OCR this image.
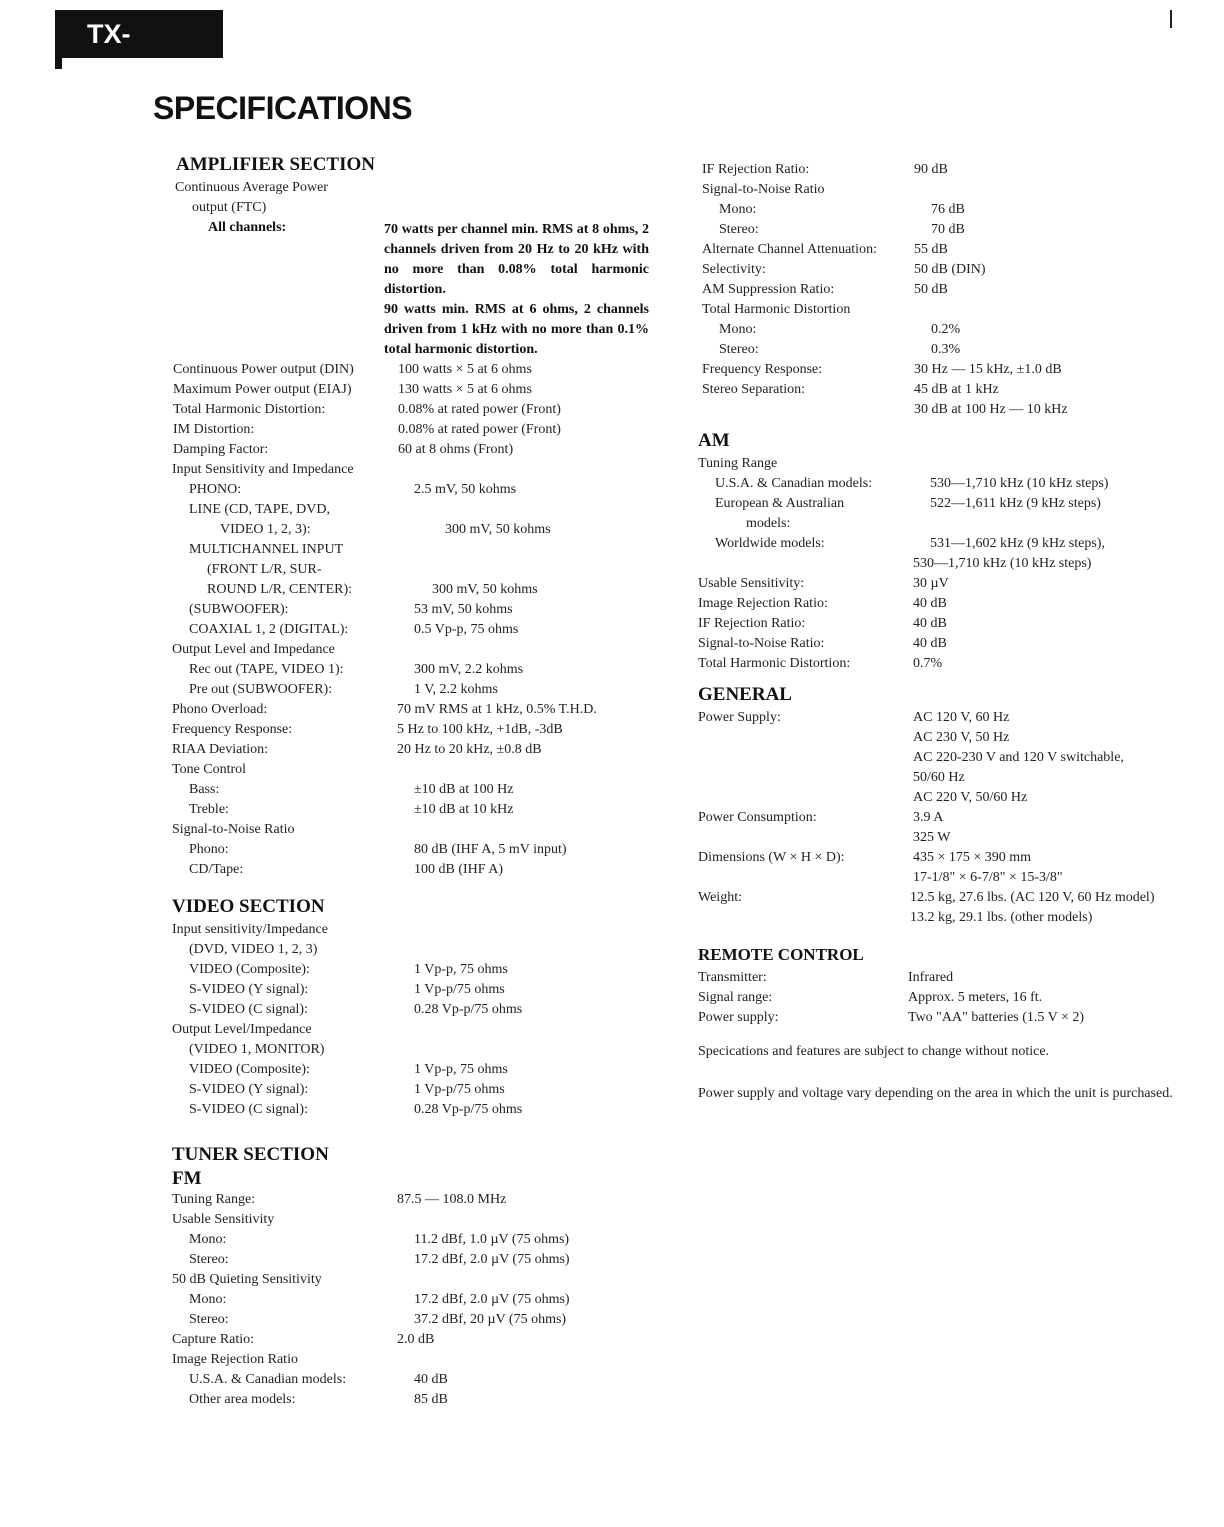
TX-DS575X
SPECIFICATIONS
AMPLIFIER SECTION
Continuous Average Power
output (FTC)
All channels:	70 watts per channel min. RMS at 8 ohms, 2 channels driven from 20 Hz to 20 kHz with no more than 0.08% total harmonic distortion.
90 watts min. RMS at 6 ohms, 2 channels driven from 1 kHz with no more than 0.1% total harmonic distortion.
Continuous Power output (DIN)	100 watts × 5 at 6 ohms
Maximum Power output (EIAJ)	130 watts × 5 at 6 ohms
Total Harmonic Distortion:	0.08% at rated power (Front)
IM Distortion:	0.08% at rated power (Front)
Damping Factor:	60 at 8 ohms (Front)
Input Sensitivity and Impedance
PHONO:	2.5 mV, 50 kohms
LINE (CD, TAPE, DVD,
VIDEO 1, 2, 3):	300 mV, 50 kohms
MULTICHANNEL INPUT
(FRONT L/R, SUR-
ROUND L/R, CENTER):	300 mV, 50 kohms
(SUBWOOFER):	53 mV, 50 kohms
COAXIAL 1, 2 (DIGITAL):	0.5 Vp-p, 75 ohms
Output Level and Impedance
Rec out (TAPE, VIDEO 1):	300 mV, 2.2 kohms
Pre out (SUBWOOFER):	1 V, 2.2 kohms
Phono Overload:	70 mV RMS at 1 kHz, 0.5% T.H.D.
Frequency Response:	5 Hz to 100 kHz, +1dB, -3dB
RIAA Deviation:	20 Hz to 20 kHz, ±0.8 dB
Tone Control
Bass:	±10 dB at 100 Hz
Treble:	±10 dB at 10 kHz
Signal-to-Noise Ratio
Phono:	80 dB (IHF A, 5 mV input)
CD/Tape:	100 dB (IHF A)
VIDEO SECTION
Input sensitivity/Impedance
(DVD, VIDEO 1, 2, 3)
VIDEO (Composite):	1 Vp-p, 75 ohms
S-VIDEO (Y signal):	1 Vp-p/75 ohms
S-VIDEO (C signal):	0.28 Vp-p/75 ohms
Output Level/Impedance
(VIDEO 1, MONITOR)
VIDEO (Composite):	1 Vp-p, 75 ohms
S-VIDEO (Y signal):	1 Vp-p/75 ohms
S-VIDEO (C signal):	0.28 Vp-p/75 ohms
TUNER SECTION
FM
Tuning Range:	87.5 — 108.0 MHz
Usable Sensitivity
Mono:	11.2 dBf, 1.0 µV (75 ohms)
Stereo:	17.2 dBf, 2.0 µV (75 ohms)
50 dB Quieting Sensitivity
Mono:	17.2 dBf, 2.0 µV (75 ohms)
Stereo:	37.2 dBf, 20 µV (75 ohms)
Capture Ratio:	2.0 dB
Image Rejection Ratio
U.S.A. & Canadian models:	40 dB
Other area models:	85 dB
IF Rejection Ratio:	90 dB
Signal-to-Noise Ratio
Mono:	76 dB
Stereo:	70 dB
Alternate Channel Attenuation:	55 dB
Selectivity:	50 dB (DIN)
AM Suppression Ratio:	50 dB
Total Harmonic Distortion
Mono:	0.2%
Stereo:	0.3%
Frequency Response:	30 Hz — 15 kHz, ±1.0 dB
Stereo Separation:	45 dB at 1 kHz
30 dB at 100 Hz — 10 kHz
AM
Tuning Range
U.S.A. & Canadian models:	530—1,710 kHz (10 kHz steps)
European & Australian	522—1,611 kHz (9 kHz steps)
models:
Worldwide models:	531—1,602 kHz (9 kHz steps),
530—1,710 kHz (10 kHz steps)
Usable Sensitivity:	30 µV
Image Rejection Ratio:	40 dB
IF Rejection Ratio:	40 dB
Signal-to-Noise Ratio:	40 dB
Total Harmonic Distortion:	0.7%
GENERAL
Power Supply:	AC 120 V, 60 Hz
AC 230 V, 50 Hz
AC 220-230 V and 120 V switchable,
50/60 Hz
AC 220 V, 50/60 Hz
Power Consumption:	3.9 A
325 W
Dimensions (W × H × D):	435 × 175 × 390 mm
17-1/8" × 6-7/8" × 15-3/8"
Weight:	12.5 kg, 27.6 lbs. (AC 120 V, 60 Hz model)
13.2 kg, 29.1 lbs. (other models)
REMOTE CONTROL
Transmitter:	Infrared
Signal range:	Approx. 5 meters, 16 ft.
Power supply:	Two "AA" batteries (1.5 V × 2)

Specications and features are subject to change without notice.

Power supply and voltage vary depending on the area in which the unit is purchased.
